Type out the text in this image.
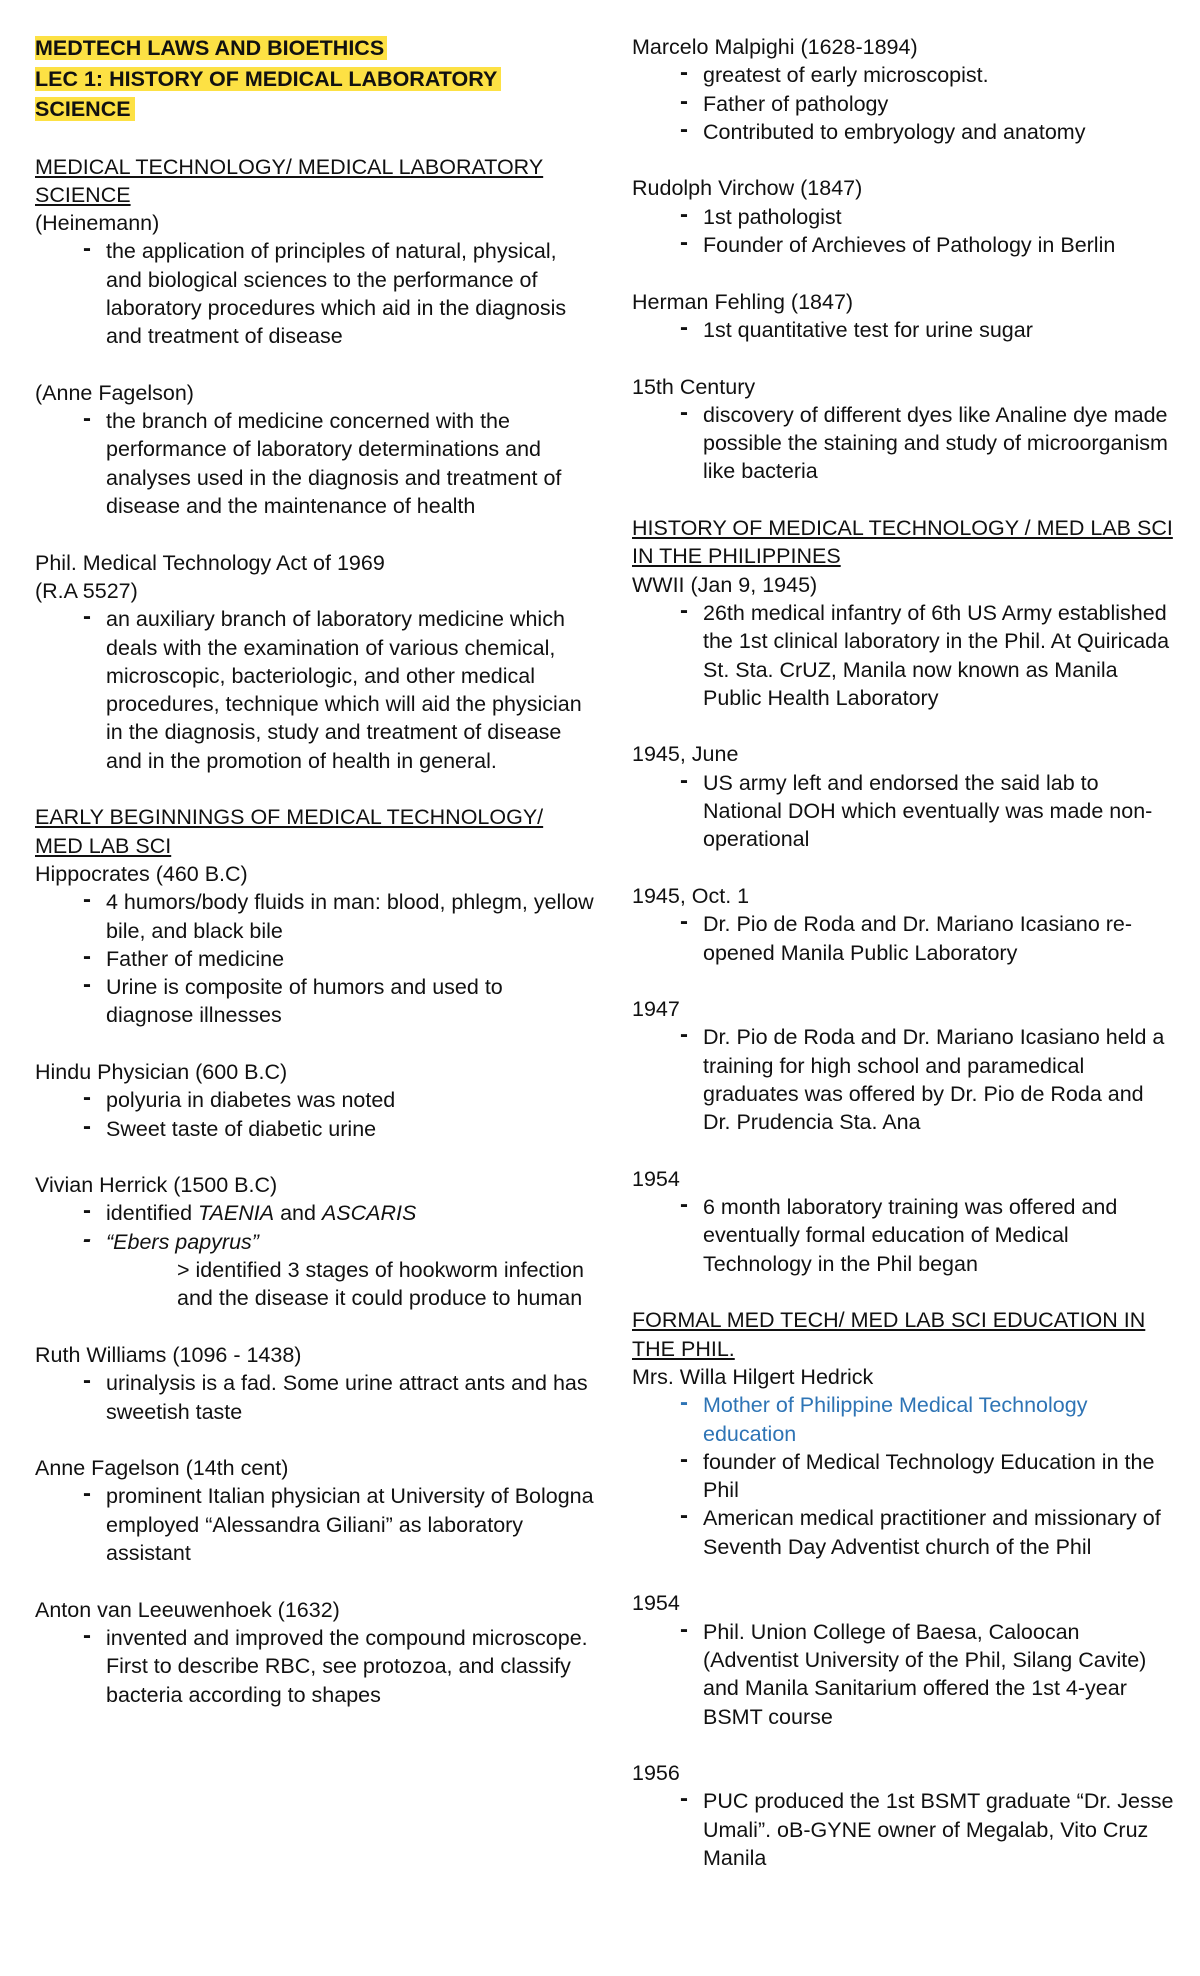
MEDTECH LAWS AND BIOETHICS
LEC 1: HISTORY OF MEDICAL LABORATORY SCIENCE
MEDICAL TECHNOLOGY/ MEDICAL LABORATORY SCIENCE
(Heinemann)
- the application of principles of natural, physical, and biological sciences to the performance of laboratory procedures which aid in the diagnosis and treatment of disease
(Anne Fagelson)
- the branch of medicine concerned with the performance of laboratory determinations and analyses used in the diagnosis and treatment of disease and the maintenance of health
Phil. Medical Technology Act of 1969
(R.A 5527)
- an auxiliary branch of laboratory medicine which deals with the examination of various chemical, microscopic, bacteriologic, and other medical procedures, technique which will aid the physician in the diagnosis, study and treatment of disease and in the promotion of health in general.
EARLY BEGINNINGS OF MEDICAL TECHNOLOGY/ MED LAB SCI
Hippocrates (460 B.C)
- 4 humors/body fluids in man: blood, phlegm, yellow bile, and black bile
- Father of medicine
- Urine is composite of humors and used to diagnose illnesses
Hindu Physician (600 B.C)
- polyuria in diabetes was noted
- Sweet taste of diabetic urine
Vivian Herrick (1500 B.C)
- identified TAENIA and ASCARIS
- “Ebers papyrus”
> identified 3 stages of hookworm infection and the disease it could produce to human
Ruth Williams (1096 - 1438)
- urinalysis is a fad. Some urine attract ants and has sweetish taste
Anne Fagelson (14th cent)
- prominent Italian physician at University of Bologna employed “Alessandra Giliani” as laboratory assistant
Anton van Leeuwenhoek (1632)
- invented and improved the compound microscope. First to describe RBC, see protozoa, and classify bacteria according to shapes
Marcelo Malpighi (1628-1894)
- greatest of early microscopist.
- Father of pathology
- Contributed to embryology and anatomy
Rudolph Virchow (1847)
- 1st pathologist
- Founder of Archieves of Pathology in Berlin
Herman Fehling (1847)
- 1st quantitative test for urine sugar
15th Century
- discovery of different dyes like Analine dye made possible the staining and study of microorganism like bacteria
HISTORY OF MEDICAL TECHNOLOGY / MED LAB SCI IN THE PHILIPPINES
WWII (Jan 9, 1945)
- 26th medical infantry of 6th US Army established the 1st clinical laboratory in the Phil. At Quiricada St. Sta. CrUZ, Manila now known as Manila Public Health Laboratory
1945, June
- US army left and endorsed the said lab to National DOH which eventually was made non-operational
1945, Oct. 1
- Dr. Pio de Roda and Dr. Mariano Icasiano re-opened Manila Public Laboratory
1947
- Dr. Pio de Roda and Dr. Mariano Icasiano held a training for high school and paramedical graduates was offered by Dr. Pio de Roda and Dr. Prudencia Sta. Ana
1954
- 6 month laboratory training was offered and eventually formal education of Medical Technology in the Phil began
FORMAL MED TECH/ MED LAB SCI EDUCATION IN THE PHIL.
Mrs. Willa Hilgert Hedrick
- Mother of Philippine Medical Technology education
- founder of Medical Technology Education in the Phil
- American medical practitioner and missionary of Seventh Day Adventist church of the Phil
1954
- Phil. Union College of Baesa, Caloocan (Adventist University of the Phil, Silang Cavite) and Manila Sanitarium offered the 1st 4-year BSMT course
1956
- PUC produced the 1st BSMT graduate “Dr. Jesse Umali”. oB-GYNE owner of Megalab, Vito Cruz Manila
